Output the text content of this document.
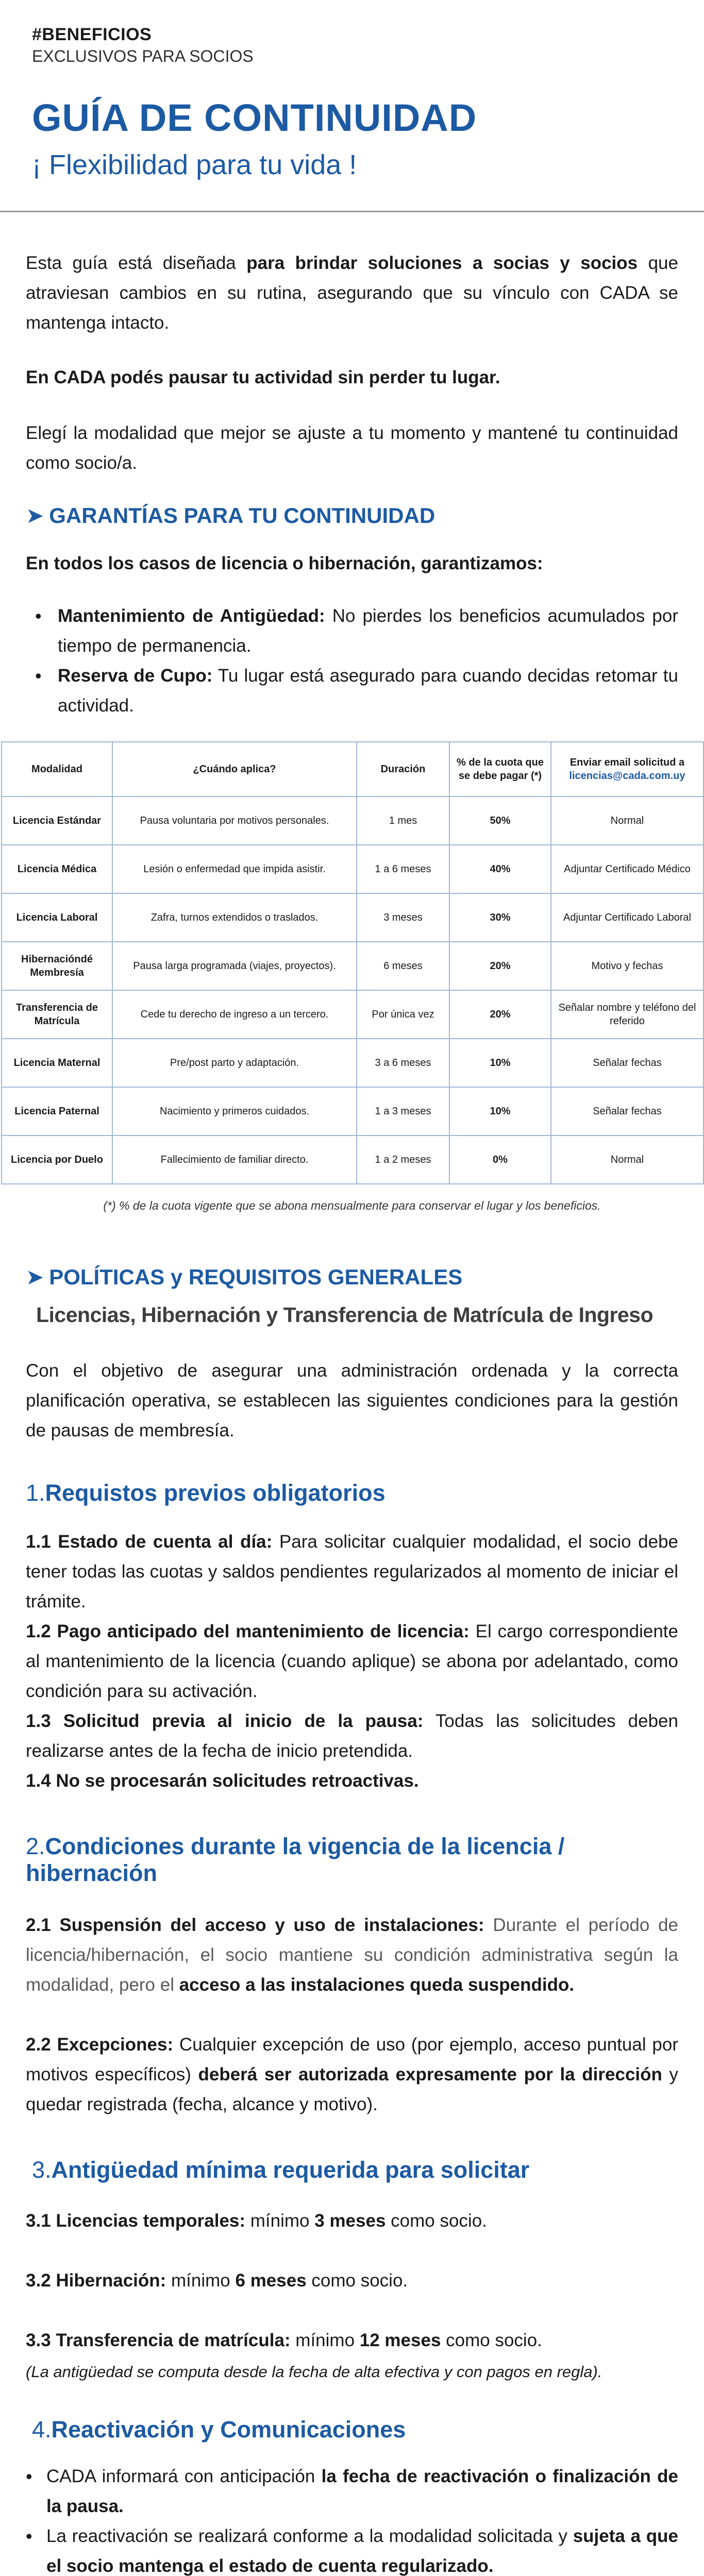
#BENEFICIOS
EXCLUSIVOS PARA SOCIOS
GUÍA DE CONTINUIDAD
¡ Flexibilidad para tu vida !

Esta guía está diseñada para brindar soluciones a socias y socios que atraviesan cambios en su rutina, asegurando que su vínculo con CADA se mantenga intacto.

En CADA podés pausar tu actividad sin perder tu lugar.

Elegí la modalidad que mejor se ajuste a tu momento y mantené tu continuidad como socio/a.

➤ GARANTÍAS PARA TU CONTINUIDAD

En todos los casos de licencia o hibernación, garantizamos:

• Mantenimiento de Antigüedad: No pierdes los beneficios acumulados por tiempo de permanencia.
• Reserva de Cupo: Tu lugar está asegurado para cuando decidas retomar tu actividad.
Modalidad	¿Cuándo aplica?	Duración	% de la cuota que se debe pagar (*)	Enviar email solicitud a
licencias@cada.com.uy
Licencia Estándar	Pausa voluntaria por motivos personales.	1 mes	50%	Normal
Licencia Médica	Lesión o enfermedad que impida asistir.	1 a 6 meses	40%	Adjuntar Certificado Médico
Licencia Laboral	Zafra, turnos extendidos o traslados.	3 meses	30%	Adjuntar Certificado Laboral
Hibernacióndé Membresía	Pausa larga programada (viajes, proyectos).	6 meses	20%	Motivo y fechas
Transferencia de Matrícula	Cede tu derecho de ingreso a un tercero.	Por única vez	20%	Señalar nombre y teléfono del referido
Licencia Maternal	Pre/post parto y adaptación.	3 a 6 meses	10%	Señalar fechas
Licencia Paternal	Nacimiento y primeros cuidados.	1 a 3 meses	10%	Señalar fechas
Licencia por Duelo	Fallecimiento de familiar directo.	1 a 2 meses	0%	Normal

(*) % de la cuota vigente que se abona mensualmente para conservar el lugar y los beneficios.

➤ POLÍTICAS y REQUISITOS GENERALES
Licencias, Hibernación y Transferencia de Matrícula de Ingreso

Con el objetivo de asegurar una administración ordenada y la correcta planificación operativa, se establecen las siguientes condiciones para la gestión de pausas de membresía.

1.Requistos previos obligatorios

1.1 Estado de cuenta al día: Para solicitar cualquier modalidad, el socio debe tener todas las cuotas y saldos pendientes regularizados al momento de iniciar el trámite.

1.2 Pago anticipado del mantenimiento de licencia: El cargo correspondiente al mantenimiento de la licencia (cuando aplique) se abona por adelantado, como condición para su activación.

1.3 Solicitud previa al inicio de la pausa: Todas las solicitudes deben realizarse antes de la fecha de inicio pretendida.

1.4 No se procesarán solicitudes retroactivas.

2.Condiciones durante la vigencia de la licencia / hibernación

2.1 Suspensión del acceso y uso de instalaciones: Durante el período de licencia/hibernación, el socio mantiene su condición administrativa según la modalidad, pero el acceso a las instalaciones queda suspendido.

2.2 Excepciones: Cualquier excepción de uso (por ejemplo, acceso puntual por motivos específicos) deberá ser autorizada expresamente por la dirección y quedar registrada (fecha, alcance y motivo).

3.Antigüedad mínima requerida para solicitar

3.1 Licencias temporales: mínimo 3 meses como socio.

3.2 Hibernación: mínimo 6 meses como socio.

3.3 Transferencia de matrícula: mínimo 12 meses como socio.

(La antigüedad se computa desde la fecha de alta efectiva y con pagos en regla).

4.Reactivación y Comunicaciones
• CADA informará con anticipación la fecha de reactivación o finalización de la pausa.
• La reactivación se realizará conforme a la modalidad solicitada y sujeta a que el socio mantenga el estado de cuenta regularizado.
